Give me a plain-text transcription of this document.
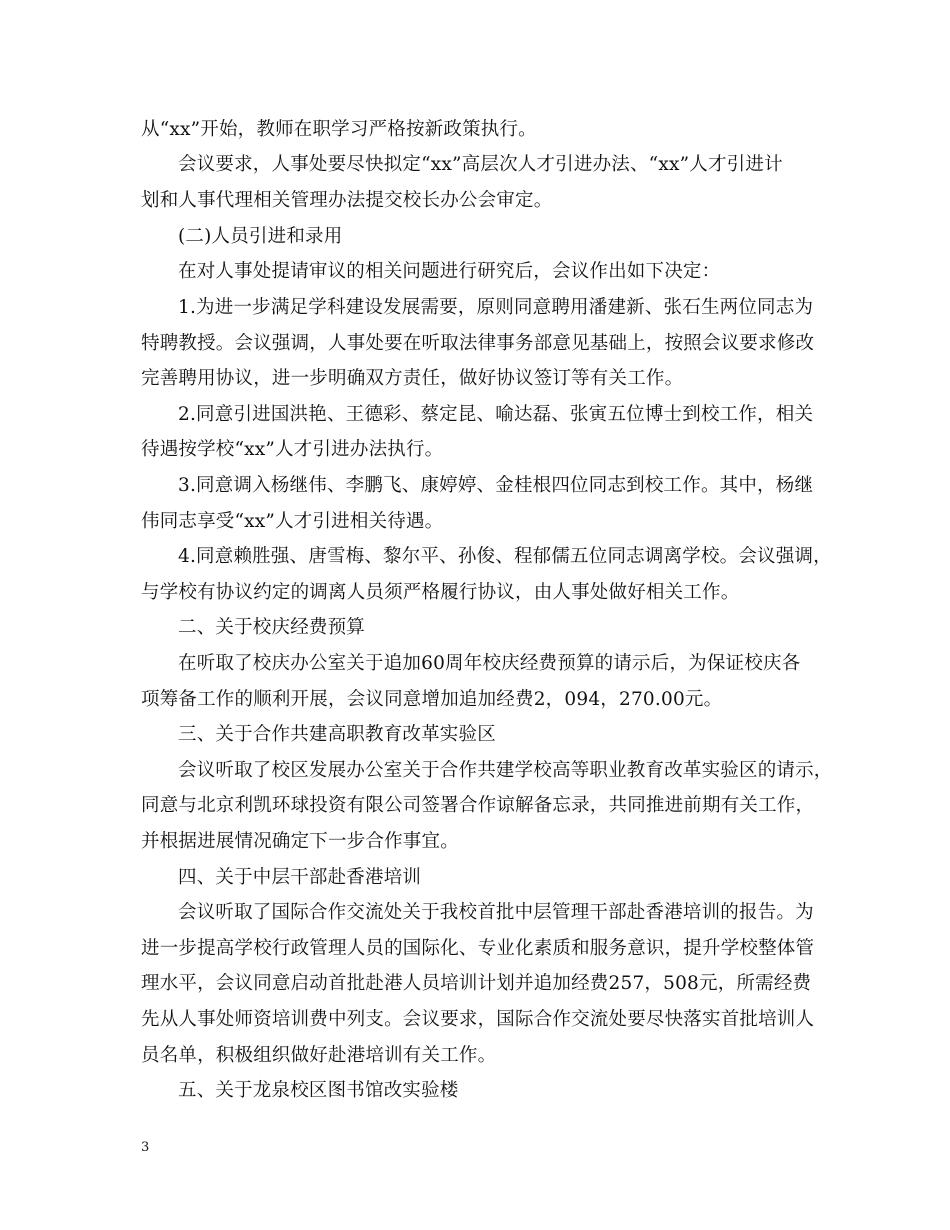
从“xx”开始，教师在职学习严格按新政策执行。
会议要求，人事处要尽快拟定“xx”高层次人才引进办法、“xx”人才引进计
划和人事代理相关管理办法提交校长办公会审定。
(二)人员引进和录用
在对人事处提请审议的相关问题进行研究后，会议作出如下决定：
1.为进一步满足学科建设发展需要，原则同意聘用潘建新、张石生两位同志为
特聘教授。会议强调，人事处要在听取法律事务部意见基础上，按照会议要求修改
完善聘用协议，进一步明确双方责任，做好协议签订等有关工作。
2.同意引进国洪艳、王德彩、蔡定昆、喻达磊、张寅五位博士到校工作，相关
待遇按学校“xx”人才引进办法执行。
3.同意调入杨继伟、李鹏飞、康婷婷、金桂根四位同志到校工作。其中，杨继
伟同志享受“xx”人才引进相关待遇。
4.同意赖胜强、唐雪梅、黎尔平、孙俊、程郁儒五位同志调离学校。会议强调，
与学校有协议约定的调离人员须严格履行协议，由人事处做好相关工作。
二、关于校庆经费预算
在听取了校庆办公室关于追加60周年校庆经费预算的请示后，为保证校庆各
项筹备工作的顺利开展，会议同意增加追加经费2，094，270.00元。
三、关于合作共建高职教育改革实验区
会议听取了校区发展办公室关于合作共建学校高等职业教育改革实验区的请示，
同意与北京利凯环球投资有限公司签署合作谅解备忘录，共同推进前期有关工作，
并根据进展情况确定下一步合作事宜。
四、关于中层干部赴香港培训
会议听取了国际合作交流处关于我校首批中层管理干部赴香港培训的报告。为
进一步提高学校行政管理人员的国际化、专业化素质和服务意识，提升学校整体管
理水平，会议同意启动首批赴港人员培训计划并追加经费257，508元，所需经费
先从人事处师资培训费中列支。会议要求，国际合作交流处要尽快落实首批培训人
员名单，积极组织做好赴港培训有关工作。
五、关于龙泉校区图书馆改实验楼
3
